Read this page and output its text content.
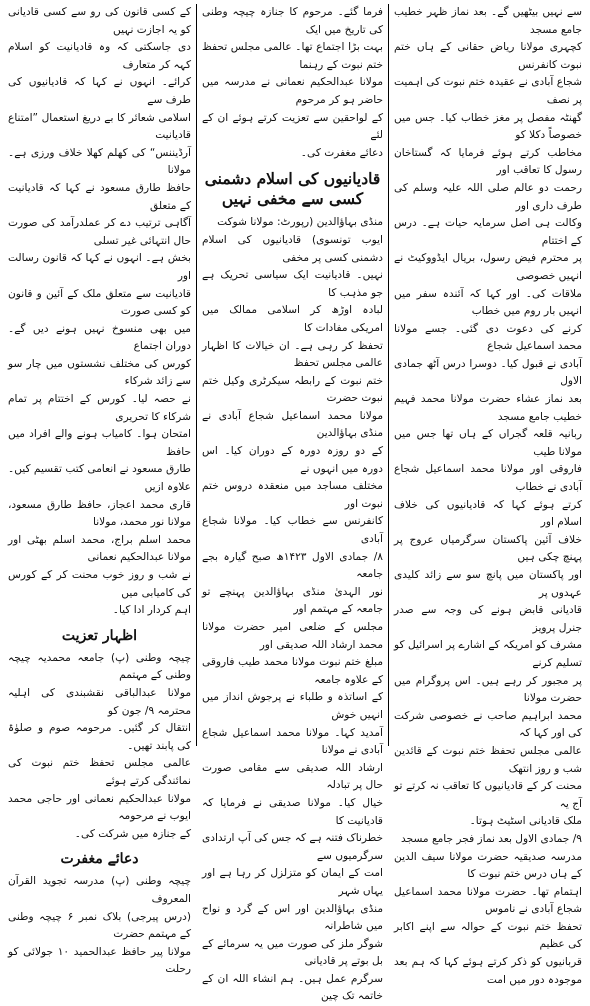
کے کسی قانون کی رو سے کسی قادیانی کو یہ اجازت نہیں
دی جاسکتی کہ وہ قادیانیت کو اسلام کہہ کر متعارف
کرائے۔ انہوں نے کہا کہ قادیانیوں کی طرف سے
اسلامی شعائر کا بے دریغ استعمال ”امتناع قادیانیت
آرڈیننس“ کی کھلم کھلا خلاف ورزی ہے۔ مولانا
حافظ طارق مسعود نے کہا کہ قادیانیت کے متعلق
آگاہی ترتیب دے کر عملدرآمد کی صورت حال انتہائی غیر تسلی
بخش ہے۔ انہوں نے کہا کہ قانون رسالت اور
قادیانیت سے متعلق ملک کے آئین و قانون کو کسی صورت
میں بھی منسوخ نہیں ہونے دیں گے۔ دوران اجتماع
کورس کی مختلف نشستوں میں چار سو سے زائد شرکاء
نے حصہ لیا۔ کورس کے اختتام پر تمام شرکاء کا تحریری
امتحان ہوا۔ کامیاب ہونے والے افراد میں حافظ
طارق مسعود نے انعامی کتب تقسیم کیں۔ علاوہ ازیں
قاری محمد اعجاز، حافظ طارق مسعود، مولانا نور محمد، مولانا
محمد اسلم براج، محمد اسلم بھٹی اور مولانا عبدالحکیم نعمانی
نے شب و روز خوب محنت کر کے کورس کی کامیابی میں
اہم کردار ادا کیا۔

اظہار تعزیت

چیچہ وطنی (پ) جامعہ محمدیہ چیچہ وطنی کے مہتمم
مولانا عبدالباقی نقشبندی کی اہلیہ محترمہ ۹/ جون کو
انتقال کر گئیں۔ مرحومہ صوم و صلوٰۃ کی پابند تھیں۔
عالمی مجلس تحفظ ختم نبوت کی نمائندگی کرتے ہوئے
مولانا عبدالحکیم نعمانی اور حاجی محمد ایوب نے مرحومہ
کے جنازہ میں شرکت کی۔

دعائے مغفرت

چیچہ وطنی (پ) مدرسہ تجوید القرآن المعروف
(درس پیرجی) بلاک نمبر ۶ چیچہ وطنی کے مہتمم حضرت
مولانا پیر حافظ عبدالحمید ۱۰ جولائی کو رحلت

فرما گئے۔ مرحوم کا جنازہ چیچہ وطنی کی تاریخ میں ایک
بہت بڑا اجتماع تھا۔ عالمی مجلس تحفظ ختم نبوت کے رہنما
مولانا عبدالحکیم نعمانی نے مدرسہ میں حاضر ہو کر مرحوم
کے لواحقین سے تعزیت کرتے ہوئے ان کے لئے
دعائے مغفرت کی۔

قادیانیوں کی اسلام دشمنی کسی سے مخفی نہیں

منڈی بہاؤالدین (رپورٹ: مولانا شوکت
ایوب تونسوی) قادیانیوں کی اسلام دشمنی کسی پر مخفی
نہیں۔ قادیانیت ایک سیاسی تحریک ہے جو مذہب کا
لبادہ اوڑھ کر اسلامی ممالک میں امریکی مفادات کا
تحفظ کر رہی ہے۔ ان خیالات کا اظہار عالمی مجلس تحفظ
ختم نبوت کے رابطہ سیکرٹری وکیل ختم نبوت حضرت
مولانا محمد اسماعیل شجاع آبادی نے منڈی بہاؤالدین
کے دو روزہ دورہ کے دوران کیا۔ اس دورہ میں انہوں نے
مختلف مساجد میں منعقدہ دروس ختم نبوت اور
کانفرنس سے خطاب کیا۔ مولانا شجاع آبادی
۸/ جمادی الاول ۱۴۲۳ھ صبح گیارہ بجے جامعہ
نور الہدیٰ منڈی بہاؤالدین پہنچے تو جامعہ کے مہتمم اور
مجلس کے ضلعی امیر حضرت مولانا محمد ارشاد اللہ صدیقی اور
مبلغ ختم نبوت مولانا محمد طیب فاروقی کے علاوہ جامعہ
کے اساتذہ و طلباء نے پرجوش انداز میں انہیں خوش
آمدید کہا۔ مولانا محمد اسماعیل شجاع آبادی نے مولانا
ارشاد اللہ صدیقی سے مقامی صورت حال پر تبادلہ
خیال کیا۔ مولانا صدیقی نے فرمایا کہ قادیانیت کا
خطرناک فتنہ ہے کہ جس کی آپ ارتدادی سرگرمیوں سے
امت کے ایمان کو متزلزل کر رہا ہے اور یہاں شہر
منڈی بہاؤالدین اور اس کے گرد و نواح میں شاطرانہ
شوگر ملز کی صورت میں یہ سرمائے کے بل بوتے پر قادیانی
سرگرم عمل ہیں۔ ہم انشاء اللہ ان کے خاتمہ تک چین

سے نہیں بیٹھیں گے۔ بعد نماز ظہر خطیب جامع مسجد
کچہری مولانا ریاض حقانی کے ہاں ختم نبوت کانفرنس
شجاع آبادی نے عقیدہ ختم نبوت کی اہمیت پر نصف
گھنٹہ مفصل پر مغز خطاب کیا۔ جس میں خصوصاً دکلا کو
مخاطب کرتے ہوئے فرمایا کہ گستاخان رسول کا تعاقب اور
رحمت دو عالم صلی اللہ علیہ وسلم کی طرف داری اور
وکالت ہی اصل سرمایہ حیات ہے۔ درس کے اختتام
پر محترم فیض رسول، بریال ایڈووکیٹ نے انہیں خصوصی
ملاقات کی۔ اور کہا کہ آئندہ سفر میں انہیں بار روم میں خطاب
کرنے کی دعوت دی گئی۔ جسے مولانا محمد اسماعیل شجاع
آبادی نے قبول کیا۔ دوسرا درس آٹھ جمادی الاول
بعد نماز عشاء حضرت مولانا محمد فہیم خطیب جامع مسجد
ربانیہ قلعہ گجراں کے ہاں تھا جس میں مولانا طیب
فاروقی اور مولانا محمد اسماعیل شجاع آبادی نے خطاب
کرتے ہوئے کہا کہ قادیانیوں کی خلاف اسلام اور
خلاف آئین پاکستان سرگرمیاں عروج پر پہنچ چکی ہیں
اور پاکستان میں پانچ سو سے زائد کلیدی عہدوں پر
قادیانی قابض ہونے کی وجہ سے صدر جنرل پرویز
مشرف کو امریکہ کے اشارے پر اسرائیل کو تسلیم کرنے
پر مجبور کر رہے ہیں۔ اس پروگرام میں حضرت مولانا
محمد ابراہیم صاحب نے خصوصی شرکت کی اور کہا کہ
عالمی مجلس تحفظ ختم نبوت کے قائدین شب و روز انتھک
محنت کر کے قادیانیوں کا تعاقب نہ کرتے تو آج یہ
ملک قادیانی اسٹیٹ ہوتا۔

۹/ جمادی الاول بعد نماز فجر جامع مسجد
مدرسہ صدیقیہ حضرت مولانا سیف الدین کے ہاں درس ختم نبوت کا
اہتمام تھا۔ حضرت مولانا محمد اسماعیل شجاع آبادی نے ناموس
تحفظ ختم نبوت کے حوالہ سے اپنے اکابر کی عظیم
قربانیوں کو ذکر کرتے ہوئے کہا کہ ہم بعد موجودہ دور میں امت
